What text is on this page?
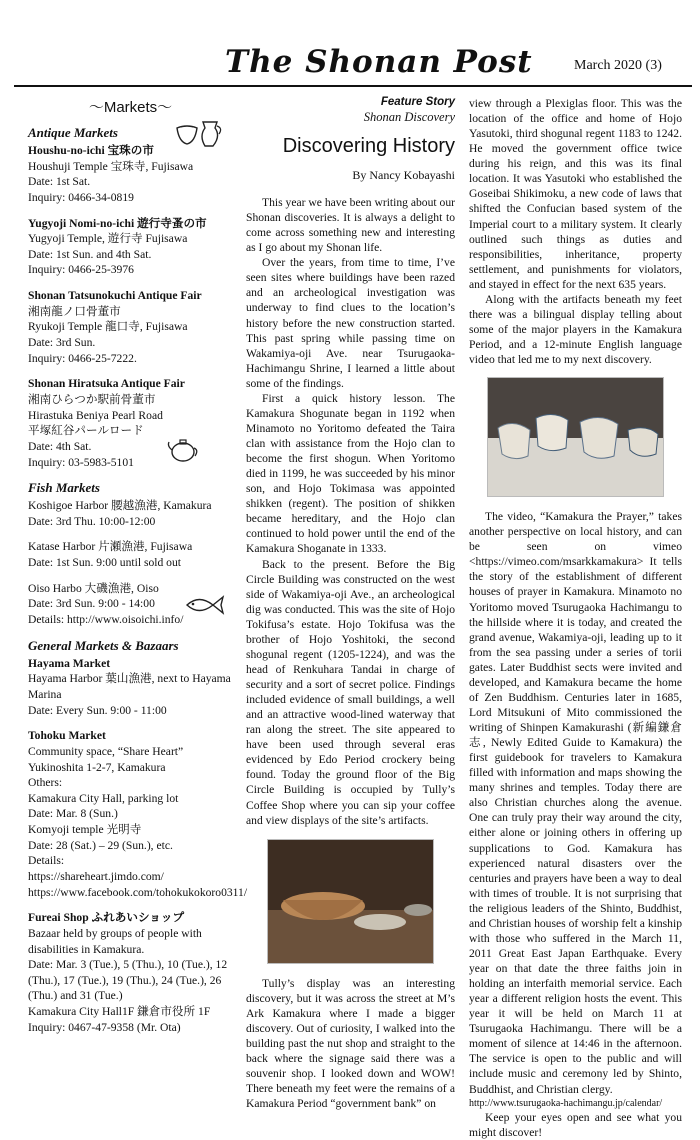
The Shonan Post	March 2020 (3)
〜Markets〜
Antique Markets
Houshu-no-ichi 宝珠の市
Houshuji Temple 宝珠寺, Fujisawa
Date: 1st Sat.
Inquiry: 0466-34-0819
Yugyoji Nomi-no-ichi 遊行寺蚤の市
Yugyoji Temple, 遊行寺 Fujisawa
Date: 1st Sun. and 4th Sat.
Inquiry: 0466-25-3976
Shonan Tatsunokuchi Antique Fair
湘南龍ノ口骨董市
Ryukoji Temple 龍口寺, Fujisawa
Date: 3rd Sun.
Inquiry: 0466-25-7222.
Shonan Hiratsuka Antique Fair
湘南ひらつか駅前骨董市
Hirastuka Beniya Pearl Road
平塚紅谷パールロード
Date: 4th Sat.
Inquiry: 03-5983-5101
Fish Markets
Koshigoe Harbor 腰越漁港, Kamakura
Date: 3rd Thu. 10:00-12:00
Katase Harbor 片瀬漁港, Fujisawa
Date: 1st Sun. 9:00 until sold out
Oiso Harbo 大磯漁港, Oiso
Date: 3rd Sun. 9:00 - 14:00
Details: http://www.oisoichi.info/
General Markets & Bazaars
Hayama Market
Hayama Harbor 葉山漁港, next to Hayama Marina
Date: Every Sun. 9:00 - 11:00
Tohoku Market
Community space, “Share Heart”
Yukinoshita 1-2-7, Kamakura
Others:
Kamakura City Hall, parking lot
Date: Mar. 8 (Sun.)
Komyoji temple 光明寺
Date: 28 (Sat.) – 29 (Sun.), etc.
Details:
https://shareheart.jimdo.com/
https://www.facebook.com/tohokukokoro0311/
Fureai Shop ふれあいショップ
Bazaar held by groups of people with disabilities in Kamakura.
Date: Mar. 3 (Tue.), 5 (Thu.), 10 (Tue.), 12 (Thu.), 17 (Tue.), 19 (Thu.), 24 (Tue.), 26 (Thu.) and 31 (Tue.)
Kamakura City Hall1F 鎌倉市役所 1F
Inquiry: 0467-47-9358 (Mr. Ota)
Feature Story
Shonan Discovery
Discovering History
By Nancy Kobayashi

This year we have been writing about our Shonan discoveries. It is always a delight to come across something new and interesting as I go about my Shonan life.

Over the years, from time to time, I’ve seen sites where buildings have been razed and an archeological investigation was underway to find clues to the location’s history before the new construction started. This past spring while passing time on Wakamiya-oji Ave. near Tsurugaoka-Hachimangu Shrine, I learned a little about some of the findings.

First a quick history lesson. The Kamakura Shogunate began in 1192 when Minamoto no Yoritomo defeated the Taira clan with assistance from the Hojo clan to become the first shogun. When Yoritomo died in 1199, he was succeeded by his minor son, and Hojo Tokimasa was appointed shikken (regent). The position of shikken became hereditary, and the Hojo clan continued to hold power until the end of the Kamakura Shoganate in 1333.

Back to the present. Before the Big Circle Building was constructed on the west side of Wakamiya-oji Ave., an archeological dig was conducted. This was the site of Hojo Tokifusa’s estate. Hojo Tokifusa was the brother of Hojo Yoshitoki, the second shogunal regent (1205-1224), and was the head of Renkuhara Tandai in charge of security and a sort of secret police. Findings included evidence of small buildings, a well and an attractive wood-lined waterway that ran along the street. The site appeared to have been used through several eras evidenced by Edo Period crockery being found. Today the ground floor of the Big Circle Building is occupied by Tully’s Coffee Shop where you can sip your coffee and view displays of the site’s artifacts.

Tully’s display was an interesting discovery, but it was across the street at M’s Ark Kamakura where I made a bigger discovery. Out of curiosity, I walked into the building past the nut shop and straight to the back where the signage said there was a souvenir shop. I looked down and WOW! There beneath my feet were the remains of a Kamakura Period “government bank” on

view through a Plexiglas floor. This was the location of the office and home of Hojo Yasutoki, third shogunal regent 1183 to 1242. He moved the government office twice during his reign, and this was its final location. It was Yasutoki who established the Goseibai Shikimoku, a new code of laws that shifted the Confucian based system of the Imperial court to a military system. It clearly outlined such things as duties and responsibilities, inheritance, property settlement, and punishments for violators, and stayed in effect for the next 635 years.

Along with the artifacts beneath my feet there was a bilingual display telling about some of the major players in the Kamakura Period, and a 12-minute English language video that led me to my next discovery.

The video, “Kamakura the Prayer,” takes another perspective on local history, and can be seen on vimeo <https://vimeo.com/msarkkamakura> It tells the story of the establishment of different houses of prayer in Kamakura. Minamoto no Yoritomo moved Tsurugaoka Hachimangu to the hillside where it is today, and created the grand avenue, Wakamiya-oji, leading up to it from the sea passing under a series of torii gates. Later Buddhist sects were invited and developed, and Kamakura became the home of Zen Buddhism. Centuries later in 1685, Lord Mitsukuni of Mito commissioned the writing of Shinpen Kamakurashi (新編鎌倉志, Newly Edited Guide to Kamakura) the first guidebook for travelers to Kamakura filled with information and maps showing the many shrines and temples. Today there are also Christian churches along the avenue. One can truly pray their way around the city, either alone or joining others in offering up supplications to God. Kamakura has experienced natural disasters over the centuries and prayers have been a way to deal with times of trouble. It is not surprising that the religious leaders of the Shinto, Buddhist, and Christian houses of worship felt a kinship with those who suffered in the March 11, 2011 Great East Japan Earthquake. Every year on that date the three faiths join in holding an interfaith memorial service. Each year a different religion hosts the event. This year it will be held on March 11 at Tsurugaoka Hachimangu. There will be a moment of silence at 14:46 in the afternoon. The service is open to the public and will include music and ceremony led by Shinto, Buddhist, and Christian clergy.

http://www.tsurugaoka-hachimangu.jp/calendar/

Keep your eyes open and see what you might discover!
